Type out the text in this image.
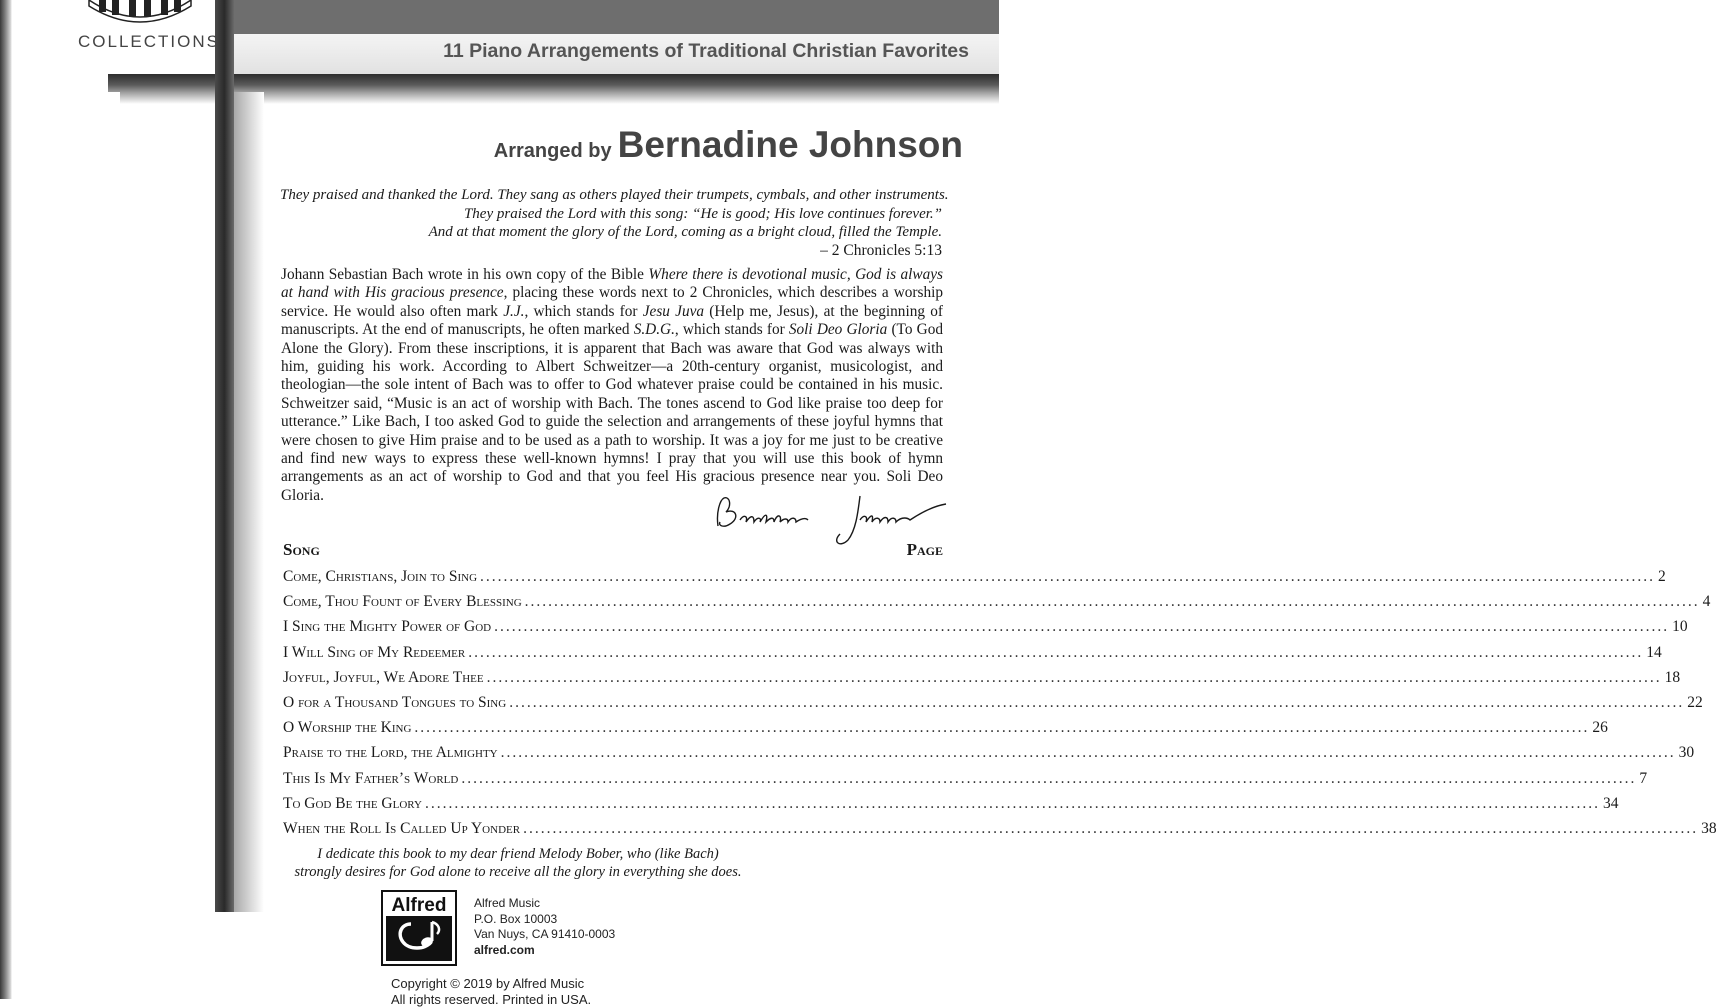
11 Piano Arrangements of Traditional Christian Favorites

COLLECTIONS

Arranged by Bernadine Johnson

They praised and thanked the Lord. They sang as others played their trumpets, cymbals, and other instruments.

They praised the Lord with this song: “He is good; His love continues forever.”

And at that moment the glory of the Lord, coming as a bright cloud, filled the Temple.

– 2 Chronicles 5:13

Johann Sebastian Bach wrote in his own copy of the Bible Where there is devotional music, God is always at hand with His gracious presence, placing these words next to 2 Chronicles, which describes a worship service. He would also often mark J.J., which stands for Jesu Juva (Help me, Jesus), at the beginning of manuscripts. At the end of manuscripts, he often marked S.D.G., which stands for Soli Deo Gloria (To God Alone the Glory). From these inscriptions, it is apparent that Bach was aware that God was always with him, guiding his work. According to Albert Schweitzer—a 20th-century organist, musicologist, and theologian—the sole intent of Bach was to offer to God whatever praise could be contained in his music. Schweitzer said, “Music is an act of worship with Bach. The tones ascend to God like praise too deep for utterance.” Like Bach, I too asked God to guide the selection and arrangements of these joyful hymns that were chosen to give Him praise and to be used as a path to worship. It was a joy for me just to be creative and find new ways to express these well-known hymns! I pray that you will use this book of hymn arrangements as an act of worship to God and that you feel His gracious presence near you. Soli Deo Gloria.

Song	Page
Come, Christians, Join to Sing ........................................................................................................................................................................................................ 2
Come, Thou Fount of Every Blessing ........................................................................................................................................................................................................ 4
I Sing the Mighty Power of God ........................................................................................................................................................................................................ 10
I Will Sing of My Redeemer ........................................................................................................................................................................................................ 14
Joyful, Joyful, We Adore Thee ........................................................................................................................................................................................................ 18
O for a Thousand Tongues to Sing ........................................................................................................................................................................................................ 22
O Worship the King ........................................................................................................................................................................................................ 26
Praise to the Lord, the Almighty ........................................................................................................................................................................................................ 30
This Is My Father’s World ........................................................................................................................................................................................................ 7
To God Be the Glory ........................................................................................................................................................................................................ 34
When the Roll Is Called Up Yonder ........................................................................................................................................................................................................ 38

I dedicate this book to my dear friend Melody Bober, who (like Bach)

strongly desires for God alone to receive all the glory in everything she does.

Alfred Alfred Music

P.O. Box 10003

Van Nuys, CA 91410-0003

alfred.com

Copyright © 2019 by Alfred Music

All rights reserved. Printed in USA.
